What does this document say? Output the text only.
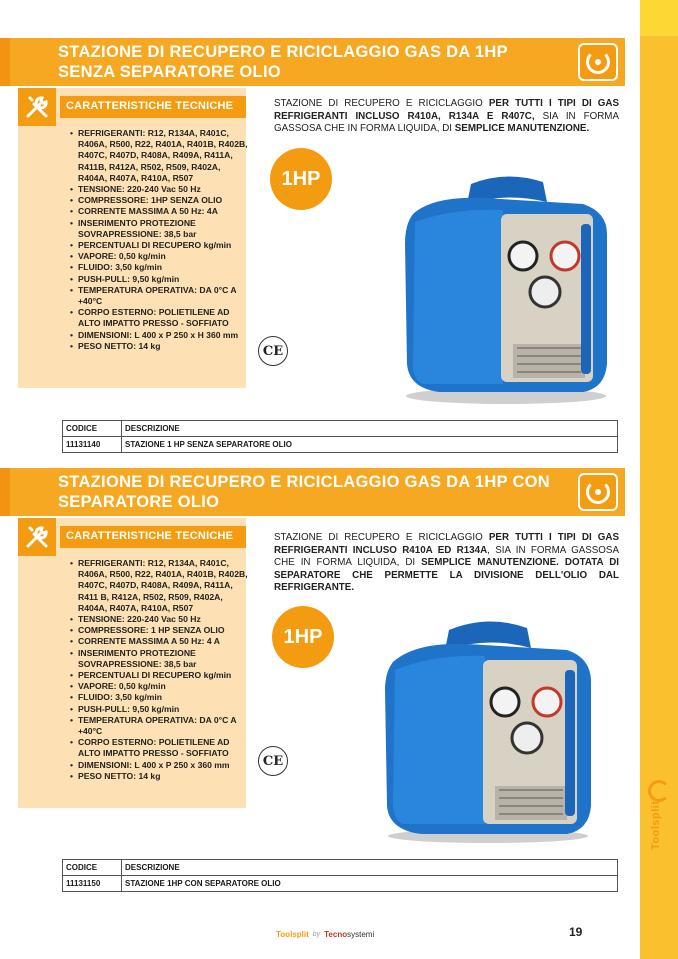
Toolsplit
STAZIONE DI RECUPERO E RICICLAGGIO GAS DA 1HP SENZA SEPARATORE OLIO
CARATTERISTICHE TECNICHE
• REFRIGERANTI: R12, R134A, R401C, R406A, R500, R22, R401A, R401B, R402B, R407C, R407D, R408A, R409A, R411A, R411B, R412A, R502, R509, R402A, R404A, R407A, R410A, R507
• TENSIONE: 220-240 Vac 50 Hz
• COMPRESSORE: 1HP SENZA OLIO
• CORRENTE MASSIMA A 50 Hz: 4A
• INSERIMENTO PROTEZIONE SOVRAPRESSIONE: 38,5 bar
• PERCENTUALI DI RECUPERO kg/min
• VAPORE: 0,50 kg/min
• FLUIDO: 3,50 kg/min
• PUSH-PULL: 9,50 kg/min
• TEMPERATURA OPERATIVA: DA 0°C A +40°C
• CORPO ESTERNO: POLIETILENE AD ALTO IMPATTO PRESSO - SOFFIATO
• DIMENSIONI: L 400 x P 250 x H 360 mm
• PESO NETTO: 14 kg	CE
STAZIONE DI RECUPERO E RICICLAGGIO PER TUTTI I TIPI DI GAS REFRIGERANTI INCLUSO R410A, R134A E R407C, SIA IN FORMA GASSOSA CHE IN FORMA LIQUIDA, DI SEMPLICE MANUTENZIONE.
1HP
CODICE	DESCRIZIONE
11131140	STAZIONE 1 HP SENZA SEPARATORE OLIO
STAZIONE DI RECUPERO E RICICLAGGIO GAS DA 1HP CON SEPARATORE OLIO
CARATTERISTICHE TECNICHE
• REFRIGERANTI: R12, R134A, R401C, R406A, R500, R22, R401A, R401B, R402B, R407C, R407D, R408A, R409A, R411A, R411 B, R412A, R502, R509, R402A, R404A, R407A, R410A, R507
• TENSIONE: 220-240 Vac 50 Hz
• COMPRESSORE: 1 HP SENZA OLIO
• CORRENTE MASSIMA A 50 Hz: 4 A
• INSERIMENTO PROTEZIONE SOVRAPRESSIONE: 38,5 bar
• PERCENTUALI DI RECUPERO kg/min
• VAPORE: 0,50 kg/min
• FLUIDO: 3,50 kg/min
• PUSH-PULL: 9,50 kg/min
• TEMPERATURA OPERATIVA: DA 0°C A +40°C
• CORPO ESTERNO: POLIETILENE AD ALTO IMPATTO PRESSO - SOFFIATO
• DIMENSIONI: L 400 x P 250 x 360 mm
• PESO NETTO: 14 kg
CE
STAZIONE DI RECUPERO E RICICLAGGIO PER TUTTI I TIPI DI GAS REFRIGERANTI INCLUSO R410A ED R134A, SIA IN FORMA GASSOSA CHE IN FORMA LIQUIDA, DI SEMPLICE MANUTENZIONE. DOTATA DI SEPARATORE CHE PERMETTE LA DIVISIONE DELL'OLIO DAL REFRIGERANTE.
1HP
CODICE	DESCRIZIONE
11131150	STAZIONE 1HP CON SEPARATORE OLIO
Toolsplit by Tecnosystemi	19
